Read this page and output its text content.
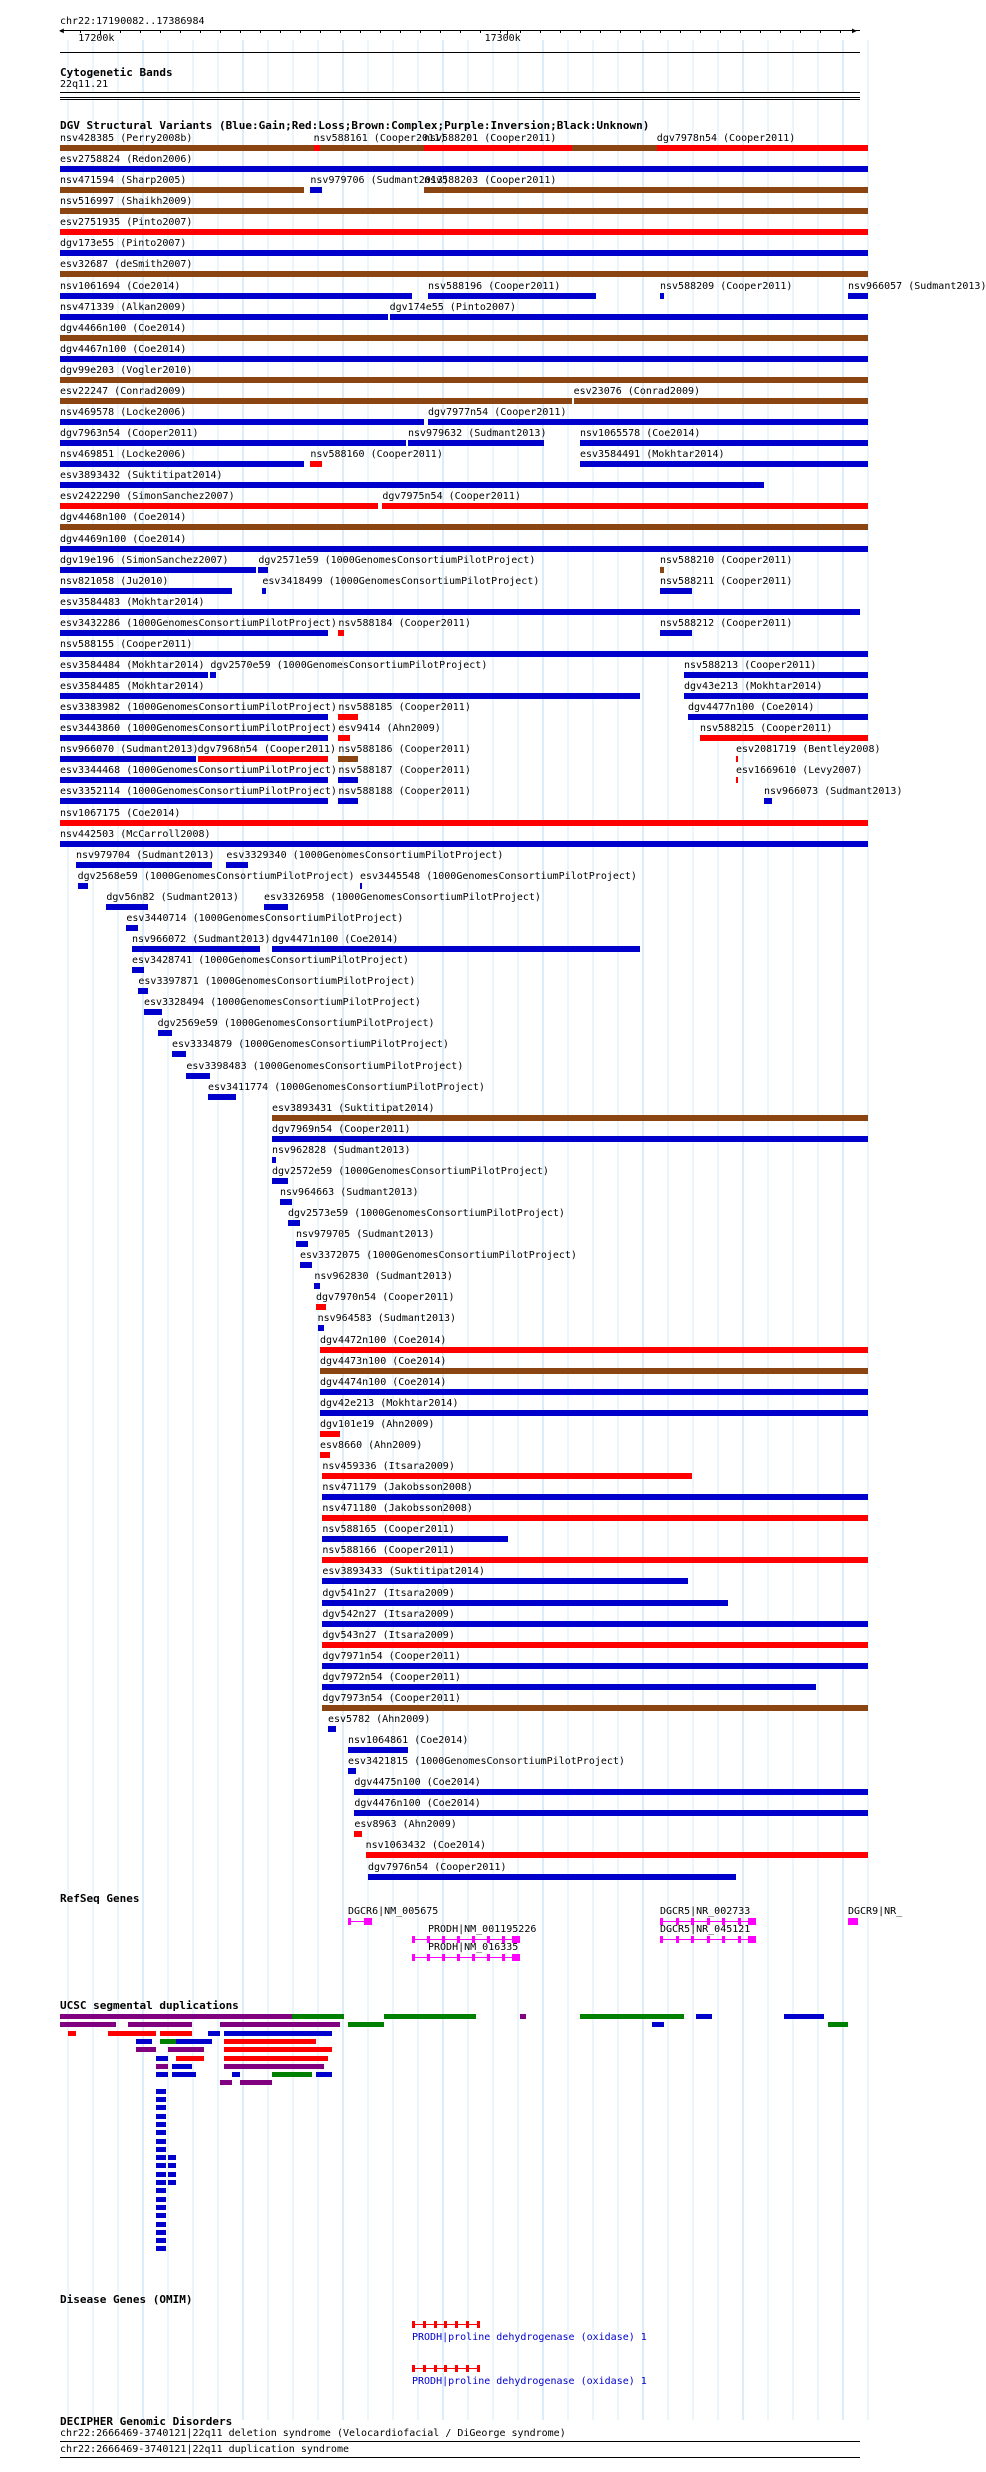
chr22:17190082..17386984
◀	▶
17200k	17300k
Cytogenetic Bands
22q11.21
DGV Structural Variants (Blue:Gain;Red:Loss;Brown:Complex;Purple:Inversion;Black:Unknown)
nsv428385 (Perry2008b)	nsv588161 (Cooper2011)
nsv588201 (Cooper2011)	dgv7978n54 (Cooper2011)
esv2758824 (Redon2006)
nsv471594 (Sharp2005)	nsv979706 (Sudmant2013)
nsv588203 (Cooper2011)
nsv516997 (Shaikh2009)
esv2751935 (Pinto2007)
dgv173e55 (Pinto2007)
esv32687 (deSmith2007)
nsv1061694 (Coe2014)	nsv588196 (Cooper2011)	nsv588209 (Cooper2011)	nsv966057 (Sudmant2013)
nsv471339 (Alkan2009)	dgv174e55 (Pinto2007)
dgv4466n100 (Coe2014)
dgv4467n100 (Coe2014)
dgv99e203 (Vogler2010)
esv22247 (Conrad2009)	esv23076 (Conrad2009)
nsv469578 (Locke2006)	dgv7977n54 (Cooper2011)
dgv7963n54 (Cooper2011)	nsv979632 (Sudmant2013)	nsv1065578 (Coe2014)
nsv469851 (Locke2006)	nsv588160 (Cooper2011)	esv3584491 (Mokhtar2014)
esv3893432 (Suktitipat2014)
esv2422290 (SimonSanchez2007)	dgv7975n54 (Cooper2011)
dgv4468n100 (Coe2014)
dgv4469n100 (Coe2014)
dgv19e196 (SimonSanchez2007)	dgv2571e59 (1000GenomesConsortiumPilotProject)	nsv588210 (Cooper2011)
nsv821058 (Ju2010)	esv3418499 (1000GenomesConsortiumPilotProject)	nsv588211 (Cooper2011)
esv3584483 (Mokhtar2014)
esv3432286 (1000GenomesConsortiumPilotProject) nsv588184 (Cooper2011)	nsv588212 (Cooper2011)
nsv588155 (Cooper2011)
esv3584484 (Mokhtar2014) dgv2570e59 (1000GenomesConsortiumPilotProject)	nsv588213 (Cooper2011)
esv3584485 (Mokhtar2014)	dgv43e213 (Mokhtar2014)
esv3383982 (1000GenomesConsortiumPilotProject) nsv588185 (Cooper2011)	dgv4477n100 (Coe2014)
esv3443860 (1000GenomesConsortiumPilotProject) esv9414 (Ahn2009)	nsv588215 (Cooper2011)
nsv966070 (Sudmant2013) dgv7968n54 (Cooper2011) nsv588186 (Cooper2011)	esv2081719 (Bentley2008)
esv3344468 (1000GenomesConsortiumPilotProject) nsv588187 (Cooper2011)	esv1669610 (Levy2007)
esv3352114 (1000GenomesConsortiumPilotProject) nsv588188 (Cooper2011)	nsv966073 (Sudmant2013)
nsv1067175 (Coe2014)
nsv442503 (McCarroll2008)
nsv979704 (Sudmant2013) esv3329340 (1000GenomesConsortiumPilotProject)
dgv2568e59 (1000GenomesConsortiumPilotProject) esv3445548 (1000GenomesConsortiumPilotProject)
dgv56n82 (Sudmant2013)	esv3326958 (1000GenomesConsortiumPilotProject)
esv3440714 (1000GenomesConsortiumPilotProject)
nsv966072 (Sudmant2013) dgv4471n100 (Coe2014)
esv3428741 (1000GenomesConsortiumPilotProject)
esv3397871 (1000GenomesConsortiumPilotProject)
esv3328494 (1000GenomesConsortiumPilotProject)
dgv2569e59 (1000GenomesConsortiumPilotProject)
esv3334879 (1000GenomesConsortiumPilotProject)
esv3398483 (1000GenomesConsortiumPilotProject)
esv3411774 (1000GenomesConsortiumPilotProject)
esv3893431 (Suktitipat2014)
dgv7969n54 (Cooper2011)
nsv962828 (Sudmant2013)
dgv2572e59 (1000GenomesConsortiumPilotProject)
nsv964663 (Sudmant2013)
dgv2573e59 (1000GenomesConsortiumPilotProject)
nsv979705 (Sudmant2013)
esv3372075 (1000GenomesConsortiumPilotProject)
nsv962830 (Sudmant2013)
dgv7970n54 (Cooper2011)
nsv964583 (Sudmant2013)
dgv4472n100 (Coe2014)
dgv4473n100 (Coe2014)
dgv4474n100 (Coe2014)
dgv42e213 (Mokhtar2014)
dgv101e19 (Ahn2009)
esv8660 (Ahn2009)
nsv459336 (Itsara2009)
nsv471179 (Jakobsson2008)
nsv471180 (Jakobsson2008)
nsv588165 (Cooper2011)
nsv588166 (Cooper2011)
esv3893433 (Suktitipat2014)
dgv541n27 (Itsara2009)
dgv542n27 (Itsara2009)
dgv543n27 (Itsara2009)
dgv7971n54 (Cooper2011)
dgv7972n54 (Cooper2011)
dgv7973n54 (Cooper2011)
esv5782 (Ahn2009)
nsv1064861 (Coe2014)
esv3421815 (1000GenomesConsortiumPilotProject)
dgv4475n100 (Coe2014)
dgv4476n100 (Coe2014)
esv8963 (Ahn2009)
nsv1063432 (Coe2014)
dgv7976n54 (Cooper2011)
RefSeq Genes
DGCR6|NM_005675	DGCR5|NR_002733	DGCR9|NR_
PRODH|NM_001195226	DGCR5|NR_045121
PRODH|NM_016335
UCSC segmental duplications
Disease Genes (OMIM)
PRODH|proline dehydrogenase (oxidase) 1
PRODH|proline dehydrogenase (oxidase) 1
DECIPHER Genomic Disorders
chr22:2666469-3740121|22q11 deletion syndrome (Velocardiofacial / DiGeorge syndrome)
chr22:2666469-3740121|22q11 duplication syndrome
